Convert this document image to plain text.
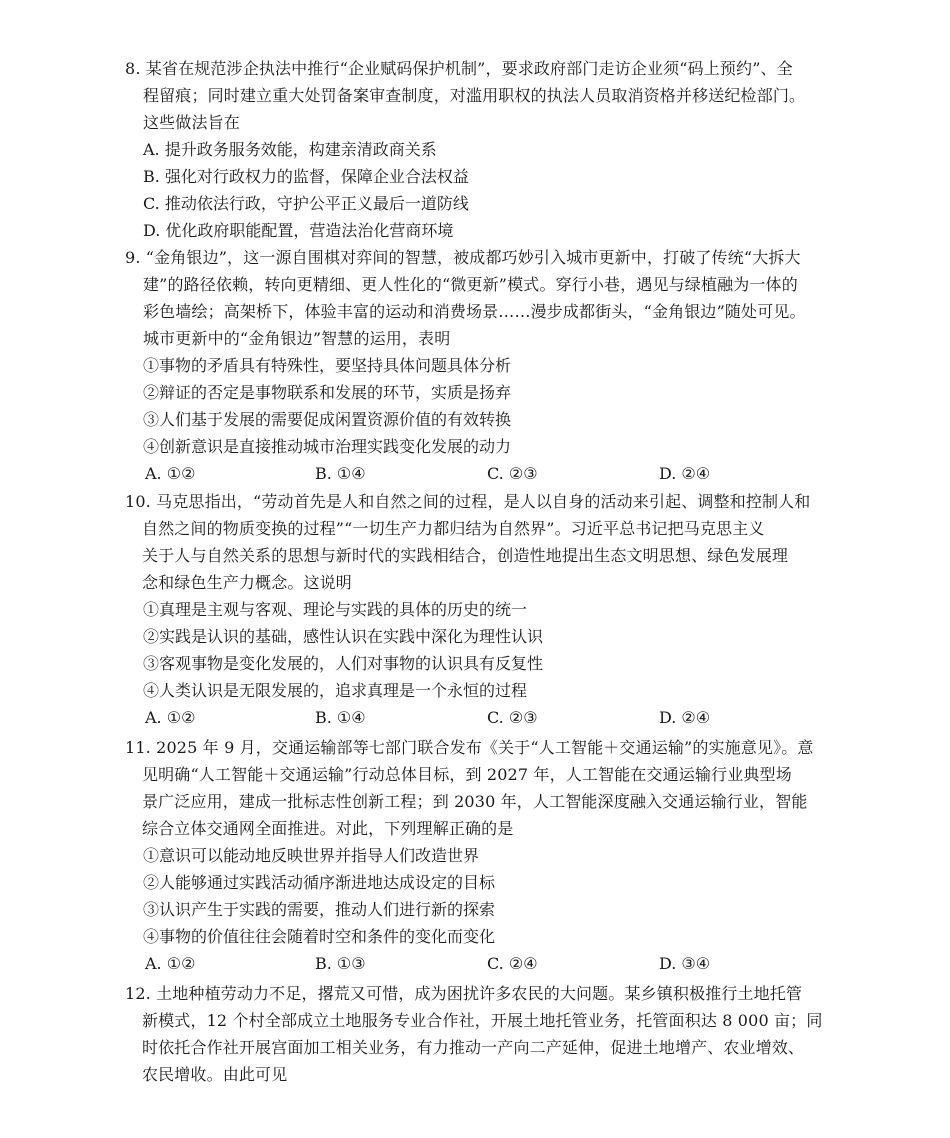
8. 某省在规范涉企执法中推行“企业赋码保护机制”，要求政府部门走访企业须“码上预约”、全
程留痕；同时建立重大处罚备案审查制度，对滥用职权的执法人员取消资格并移送纪检部门。
这些做法旨在
A. 提升政务服务效能，构建亲清政商关系
B. 强化对行政权力的监督，保障企业合法权益
C. 推动依法行政，守护公平正义最后一道防线
D. 优化政府职能配置，营造法治化营商环境
9. “金角银边”，这一源自围棋对弈间的智慧，被成都巧妙引入城市更新中，打破了传统“大拆大
建”的路径依赖，转向更精细、更人性化的“微更新”模式。穿行小巷，遇见与绿植融为一体的
彩色墙绘；高架桥下，体验丰富的运动和消费场景……漫步成都街头，“金角银边”随处可见。
城市更新中的“金角银边”智慧的运用，表明
①事物的矛盾具有特殊性，要坚持具体问题具体分析
②辩证的否定是事物联系和发展的环节，实质是扬弃
③人们基于发展的需要促成闲置资源价值的有效转换
④创新意识是直接推动城市治理实践变化发展的动力
A. ①②	B. ①④	C. ②③	D. ②④
10. 马克思指出，“劳动首先是人和自然之间的过程，是人以自身的活动来引起、调整和控制人和
自然之间的物质变换的过程”“一切生产力都归结为自然界”。习近平总书记把马克思主义
关于人与自然关系的思想与新时代的实践相结合，创造性地提出生态文明思想、绿色发展理
念和绿色生产力概念。这说明
①真理是主观与客观、理论与实践的具体的历史的统一
②实践是认识的基础，感性认识在实践中深化为理性认识
③客观事物是变化发展的，人们对事物的认识具有反复性
④人类认识是无限发展的，追求真理是一个永恒的过程
A. ①②	B. ①④	C. ②③	D. ②④
11. 2025 年 9 月，交通运输部等七部门联合发布《关于“人工智能＋交通运输”的实施意见》。意
见明确“人工智能＋交通运输”行动总体目标，到 2027 年，人工智能在交通运输行业典型场
景广泛应用，建成一批标志性创新工程；到 2030 年，人工智能深度融入交通运输行业，智能
综合立体交通网全面推进。对此，下列理解正确的是
①意识可以能动地反映世界并指导人们改造世界
②人能够通过实践活动循序渐进地达成设定的目标
③认识产生于实践的需要，推动人们进行新的探索
④事物的价值往往会随着时空和条件的变化而变化
A. ①②	B. ①③	C. ②④	D. ③④
12. 土地种植劳动力不足，撂荒又可惜，成为困扰许多农民的大问题。某乡镇积极推行土地托管
新模式，12 个村全部成立土地服务专业合作社，开展土地托管业务，托管面积达 8 000 亩；同
时依托合作社开展宫面加工相关业务，有力推动一产向二产延伸，促进土地增产、农业增效、
农民增收。由此可见
